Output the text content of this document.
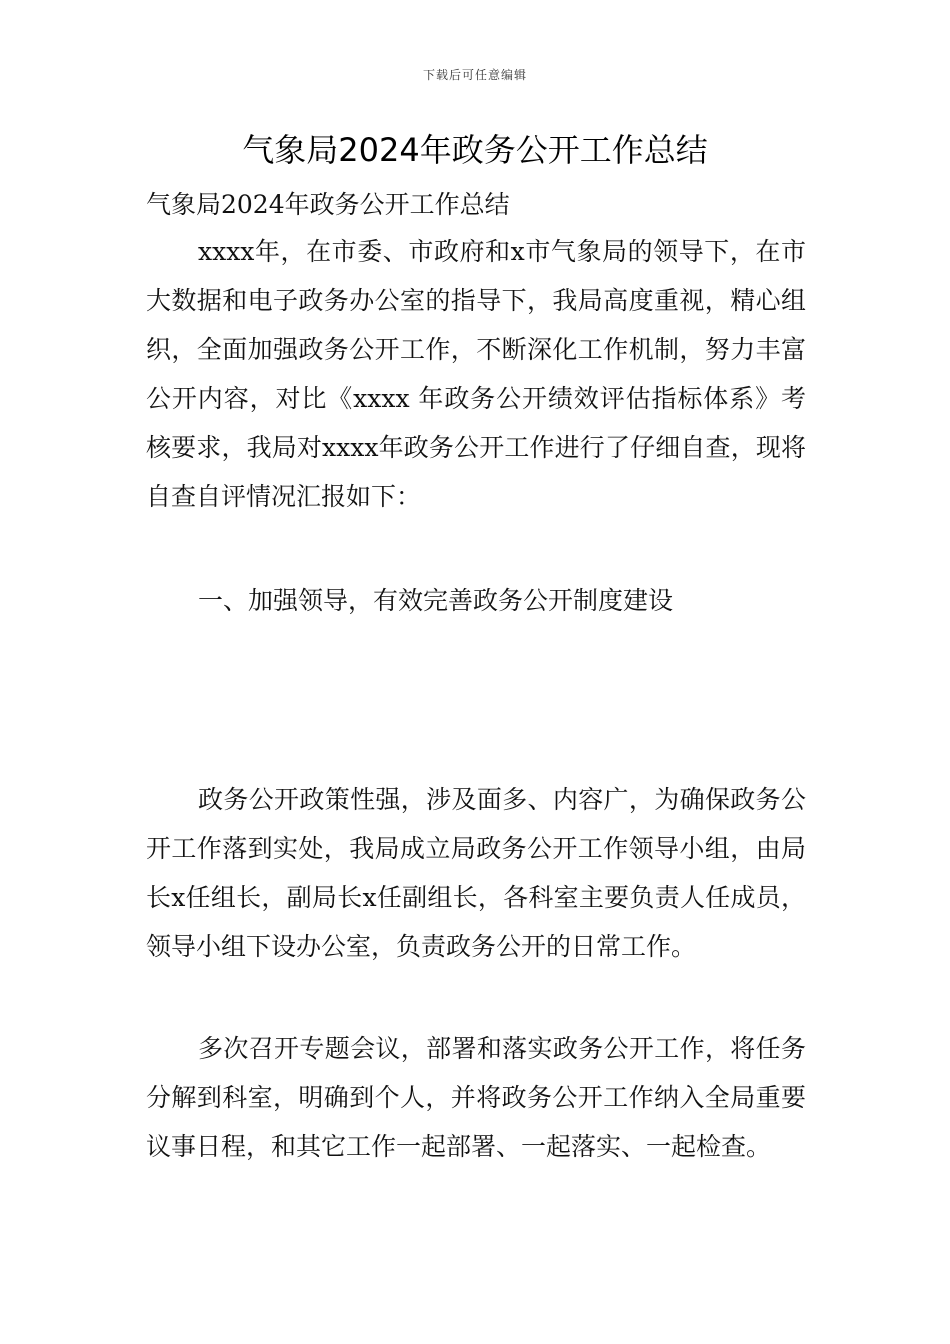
下载后可任意编辑
气象局2024年政务公开工作总结

气象局2024年政务公开工作总结

xxxx年，在市委、市政府和x市气象局的领导下，在市大数据和电子政务办公室的指导下，我局高度重视，精心组织，全面加强政务公开工作，不断深化工作机制，努力丰富公开内容，对比《xxxx 年政务公开绩效评估指标体系》考核要求，我局对xxxx年政务公开工作进行了仔细自查，现将自查自评情况汇报如下：

一、加强领导，有效完善政务公开制度建设

政务公开政策性强，涉及面多、内容广，为确保政务公开工作落到实处，我局成立局政务公开工作领导小组，由局长x任组长，副局长x任副组长，各科室主要负责人任成员，领导小组下设办公室，负责政务公开的日常工作。

多次召开专题会议，部署和落实政务公开工作，将任务分解到科室，明确到个人，并将政务公开工作纳入全局重要议事日程，和其它工作一起部署、一起落实、一起检查。
